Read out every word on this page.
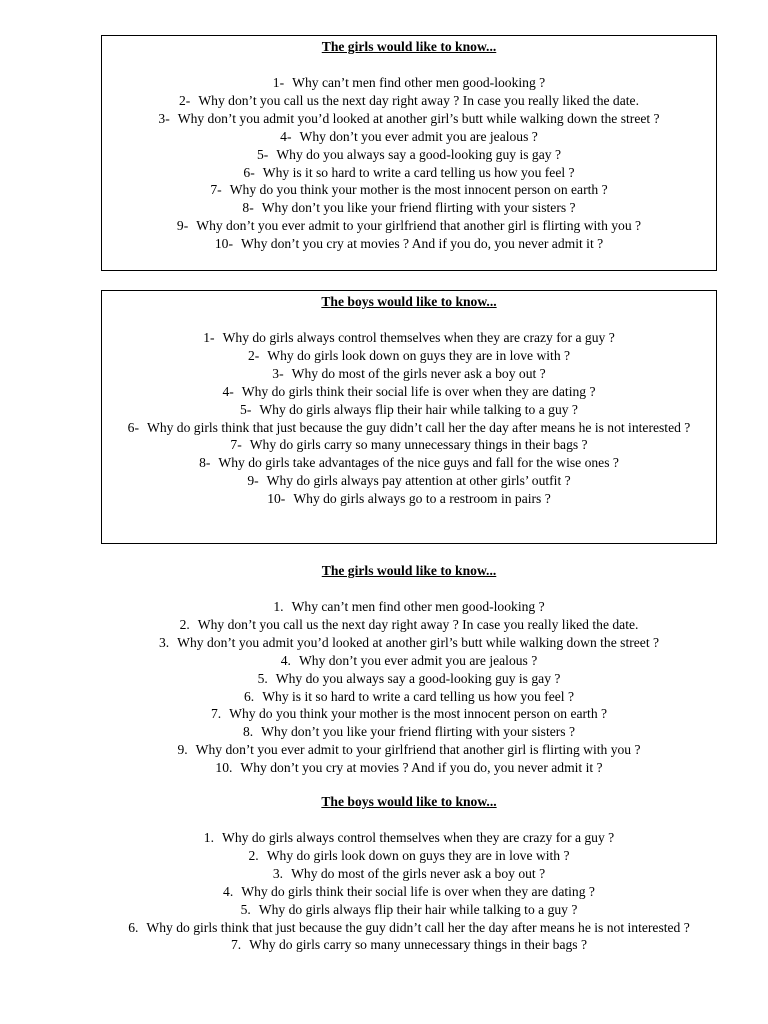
The girls would like to know...

1- Why can’t men find other men good-looking ?
2- Why don’t you call us the next day right away ? In case you really liked the date.
3- Why don’t you admit you’d looked at another girl’s butt while walking down the street ?
4- Why don’t you ever admit you are jealous ?
5- Why do you always say a good-looking guy is gay ?
6- Why is it so hard to write a card telling us how you feel ?
7- Why do you think your mother is the most innocent person on earth ?
8- Why don’t you like your friend flirting with your sisters ?
9- Why don’t you ever admit to your girlfriend that another girl is flirting with you ?
10- Why don’t you cry at movies ? And if you do, you never admit it ?

The boys would like to know...

1- Why do girls always control themselves when they are crazy for a guy ?
2- Why do girls look down on guys they are in love with ?
3- Why do most of the girls never ask a boy out ?
4- Why do girls think their social life is over when they are dating ?
5- Why do girls always flip their hair while talking to a guy ?
6- Why do girls think that just because the guy didn’t call her the day after means he is not interested ?
7- Why do girls carry so many unnecessary things in their bags ?
8- Why do girls take advantages of the nice guys and fall for the wise ones ?
9- Why do girls always pay attention at other girls’ outfit ?
10- Why do girls always go to a restroom in pairs ?

The girls would like to know...

1. Why can’t men find other men good-looking ?
2. Why don’t you call us the next day right away ? In case you really liked the date.
3. Why don’t you admit you’d looked at another girl’s butt while walking down the street ?
4. Why don’t you ever admit you are jealous ?
5. Why do you always say a good-looking guy is gay ?
6. Why is it so hard to write a card telling us how you feel ?
7. Why do you think your mother is the most innocent person on earth ?
8. Why don’t you like your friend flirting with your sisters ?
9. Why don’t you ever admit to your girlfriend that another girl is flirting with you ?
10. Why don’t you cry at movies ? And if you do, you never admit it ?

The boys would like to know...

1. Why do girls always control themselves when they are crazy for a guy ?
2. Why do girls look down on guys they are in love with ?
3. Why do most of the girls never ask a boy out ?
4. Why do girls think their social life is over when they are dating ?
5. Why do girls always flip their hair while talking to a guy ?
6. Why do girls think that just because the guy didn’t call her the day after means he is not interested ?
7. Why do girls carry so many unnecessary things in their bags ?
